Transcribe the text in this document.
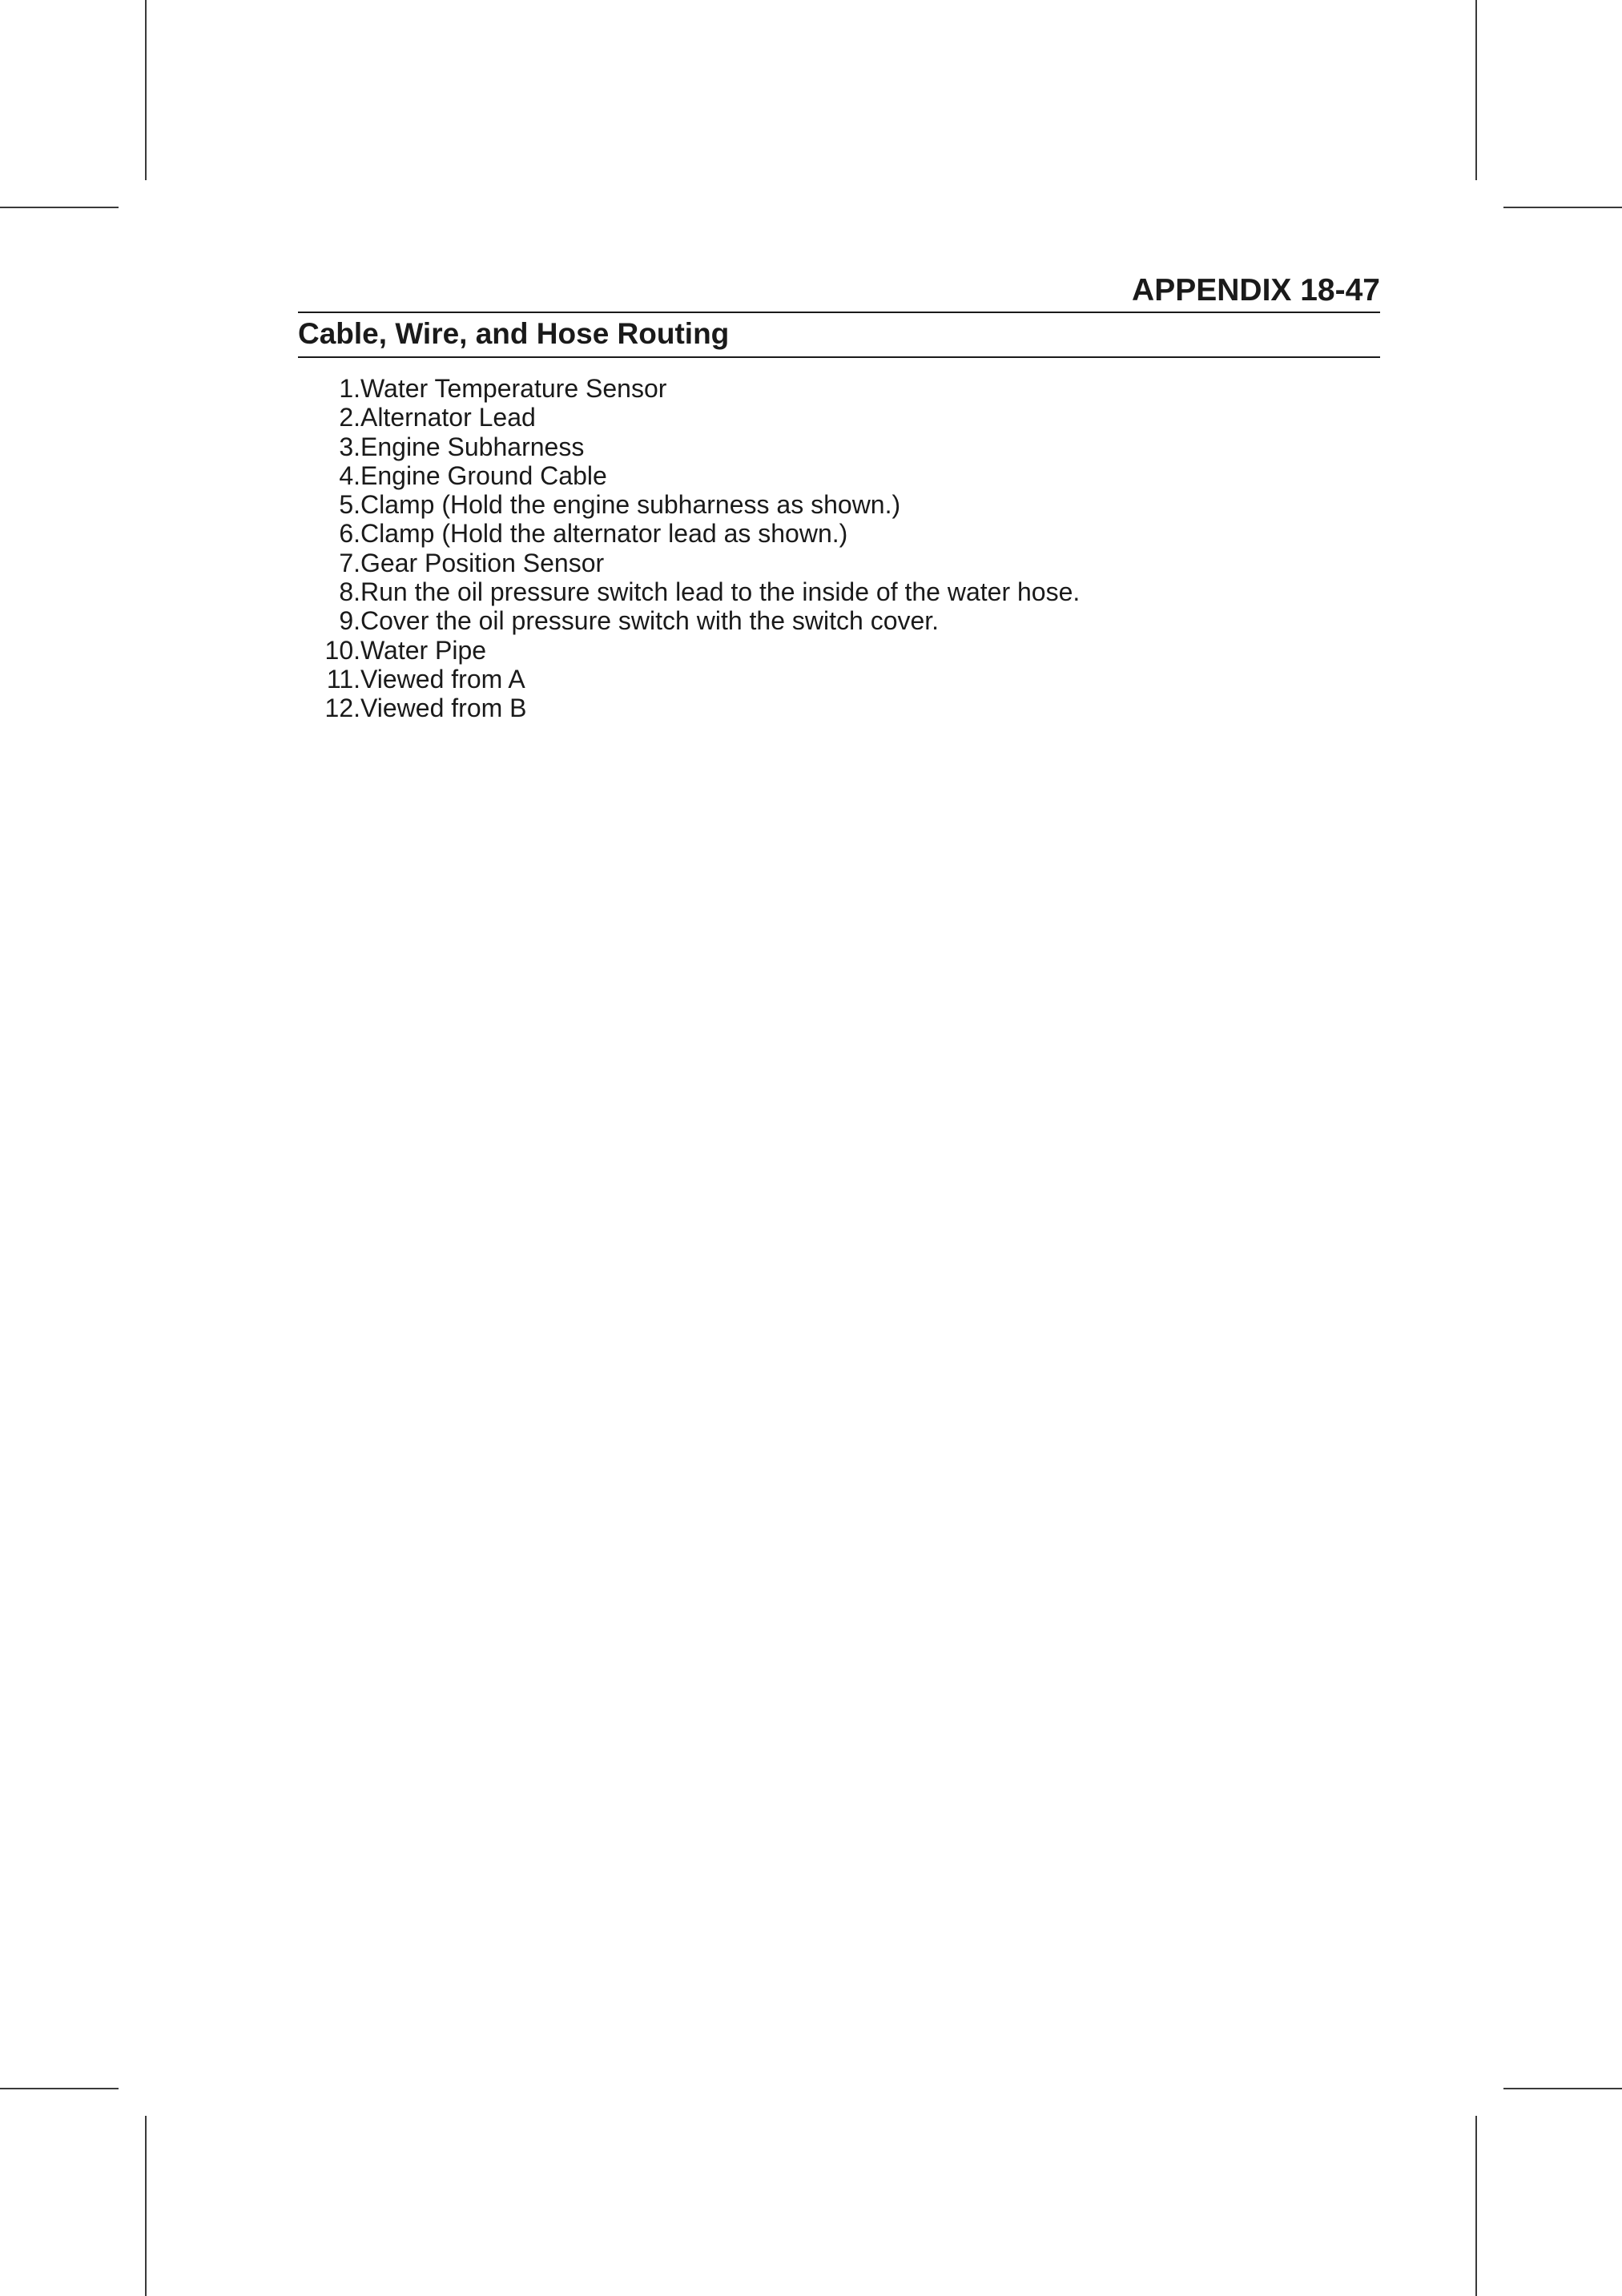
APPENDIX 18-47

Cable, Wire, and Hose Routing
1. Water Temperature Sensor
2. Alternator Lead
3. Engine Subharness
4. Engine Ground Cable
5. Clamp (Hold the engine subharness as shown.)
6. Clamp (Hold the alternator lead as shown.)
7. Gear Position Sensor
8. Run the oil pressure switch lead to the inside of the water hose.
9. Cover the oil pressure switch with the switch cover.
10. Water Pipe
11. Viewed from A
12. Viewed from B
